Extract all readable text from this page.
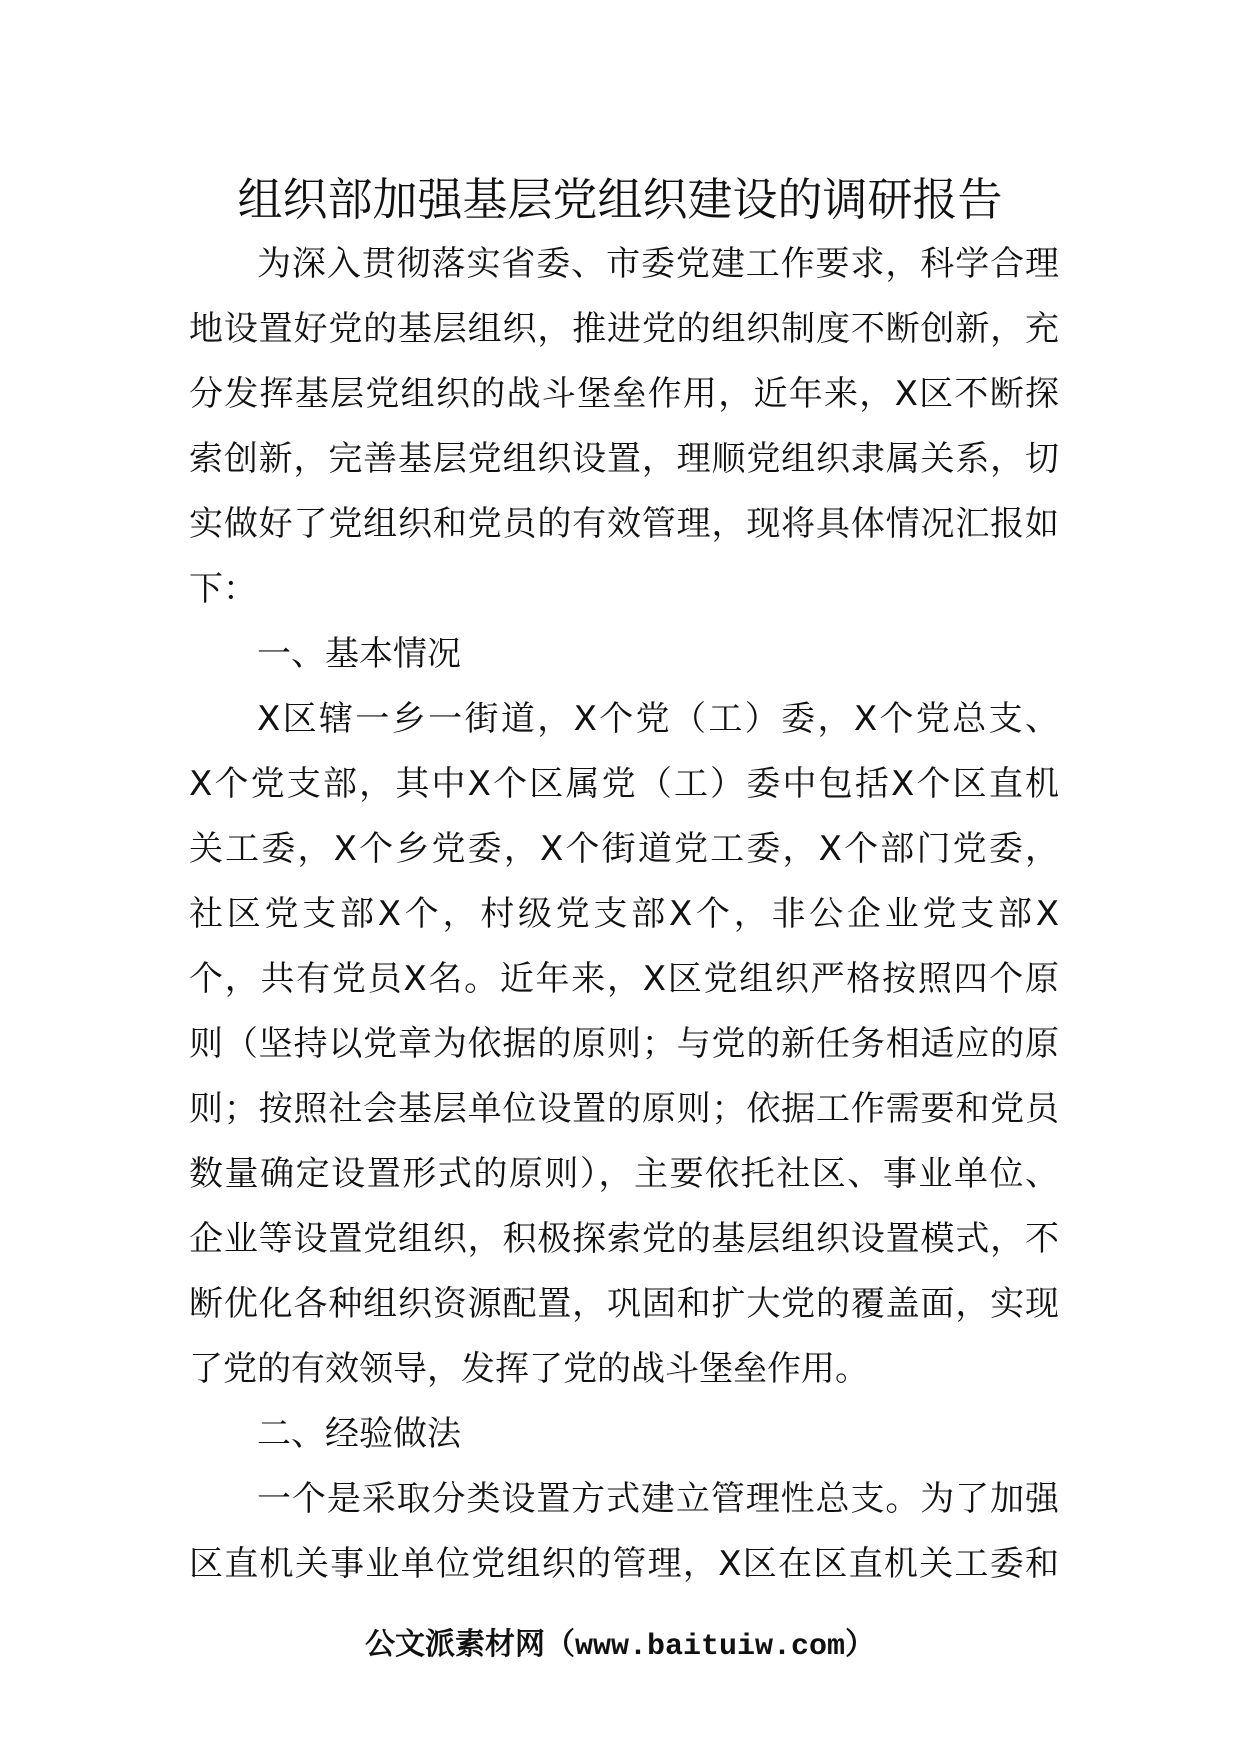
组织部加强基层党组织建设的调研报告
为深入贯彻落实省委、市委党建工作要求，科学合理
地设置好党的基层组织，推进党的组织制度不断创新，充
分发挥基层党组织的战斗堡垒作用，近年来，X区不断探
索创新，完善基层党组织设置，理顺党组织隶属关系，切
实做好了党组织和党员的有效管理，现将具体情况汇报如
下：
一、基本情况
X区辖一乡一街道，X个党（工）委，X个党总支、
X个党支部，其中X个区属党（工）委中包括X个区直机
关工委，X个乡党委，X个街道党工委，X个部门党委，
社区党支部X个，村级党支部X个，非公企业党支部X
个，共有党员X名。近年来，X区党组织严格按照四个原
则（坚持以党章为依据的原则；与党的新任务相适应的原
则；按照社会基层单位设置的原则；依据工作需要和党员
数量确定设置形式的原则），主要依托社区、事业单位、
企业等设置党组织，积极探索党的基层组织设置模式，不
断优化各种组织资源配置，巩固和扩大党的覆盖面，实现
了党的有效领导，发挥了党的战斗堡垒作用。
二、经验做法
一个是采取分类设置方式建立管理性总支。为了加强
区直机关事业单位党组织的管理，X区在区直机关工委和
公文派素材网（www.baituiw.com）
